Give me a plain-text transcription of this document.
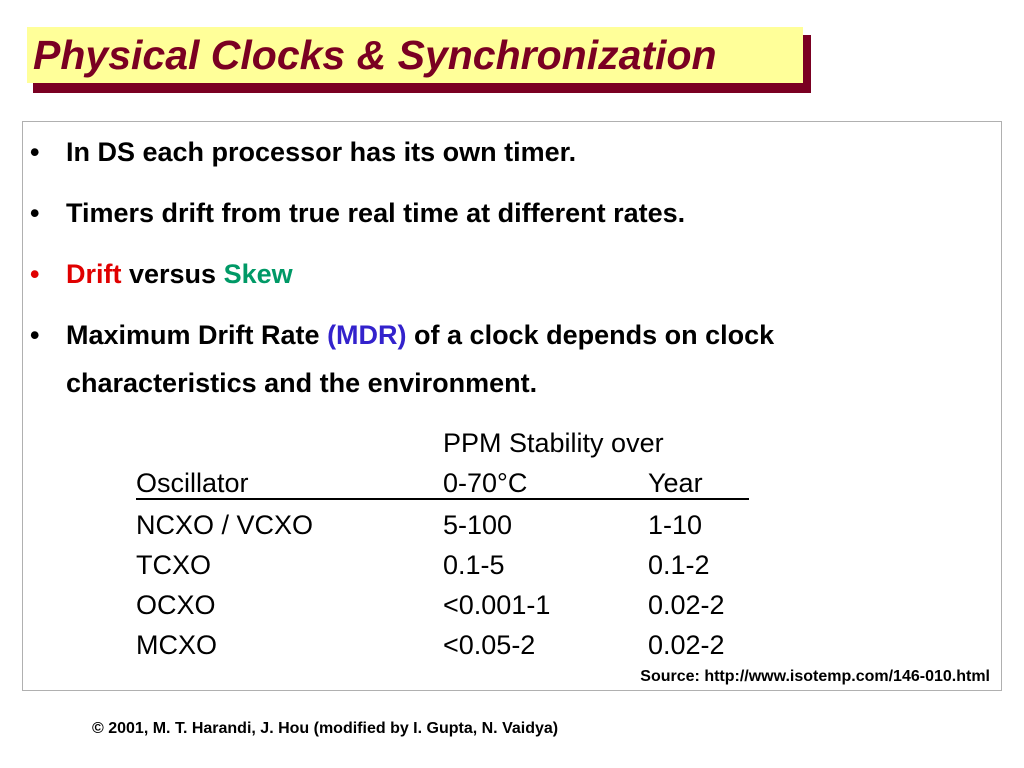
Physical Clocks & Synchronization
• In DS each processor has its own timer.
• Timers drift from true real time at different rates.
• Drift versus Skew
• Maximum Drift Rate (MDR) of a clock depends on clock
characteristics and the environment.
PPM Stability over
Oscillator	0-70°C	Year
NCXO / VCXO	5-100	1-10
TCXO	0.1-5	0.1-2
OCXO	<0.001-1	0.02-2
MCXO	<0.05-2	0.02-2
Source: http://www.isotemp.com/146-010.html
© 2001, M. T. Harandi, J. Hou (modified by I. Gupta, N. Vaidya)
